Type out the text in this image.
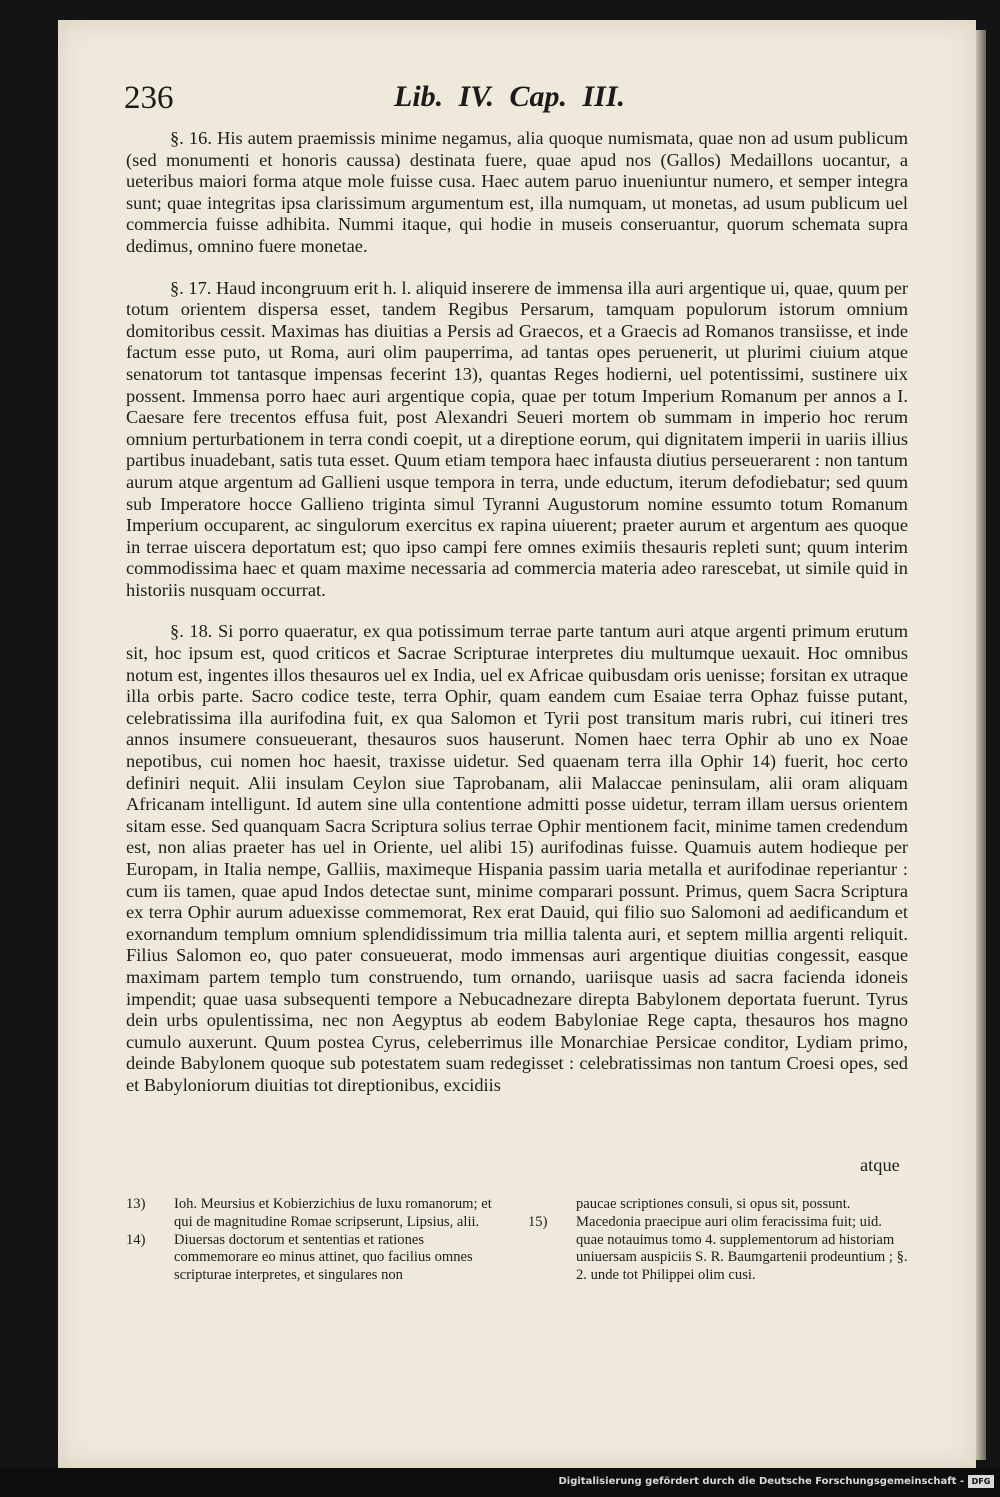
236	Lib. IV. Cap. III.

§. 16. His autem praemissis minime negamus, alia quoque numismata, quae non ad usum publicum (sed monumenti et honoris caussa) destinata fuere, quae apud nos (Gallos) Medaillons uocantur, a ueteribus maiori forma atque mole fuisse cusa. Haec autem paruo inueniuntur numero, et semper integra sunt; quae integritas ipsa clarissimum argumentum est, illa numquam, ut monetas, ad usum publicum uel commercia fuisse adhibita. Nummi itaque, qui hodie in museis conseruantur, quorum schemata supra dedimus, omnino fuere monetae.

§. 17. Haud incongruum erit h. l. aliquid inserere de immensa illa auri argentique ui, quae, quum per totum orientem dispersa esset, tandem Regibus Persarum, tamquam populorum istorum omnium domitoribus cessit. Maximas has diuitias a Persis ad Graecos, et a Graecis ad Romanos transiisse, et inde factum esse puto, ut Roma, auri olim pauperrima, ad tantas opes peruenerit, ut plurimi ciuium atque senatorum tot tantasque impensas fecerint 13), quantas Reges hodierni, uel potentissimi, sustinere uix possent. Immensa porro haec auri argentique copia, quae per totum Imperium Romanum per annos a I. Caesare fere trecentos effusa fuit, post Alexandri Seueri mortem ob summam in imperio hoc rerum omnium perturbationem in terra condi coepit, ut a direptione eorum, qui dignitatem imperii in uariis illius partibus inuadebant, satis tuta esset. Quum etiam tempora haec infausta diutius perseuerarent : non tantum aurum atque argentum ad Gallieni usque tempora in terra, unde eductum, iterum defodiebatur; sed quum sub Imperatore hocce Gallieno triginta simul Tyranni Augustorum nomine essumto totum Romanum Imperium occuparent, ac singulorum exercitus ex rapina uiuerent; praeter aurum et argentum aes quoque in terrae uiscera deportatum est; quo ipso campi fere omnes eximiis thesauris repleti sunt; quum interim commodissima haec et quam maxime necessaria ad commercia materia adeo rarescebat, ut simile quid in historiis nusquam occurrat.

§. 18. Si porro quaeratur, ex qua potissimum terrae parte tantum auri atque argenti primum erutum sit, hoc ipsum est, quod criticos et Sacrae Scripturae interpretes diu multumque uexauit. Hoc omnibus notum est, ingentes illos thesauros uel ex India, uel ex Africae quibusdam oris uenisse; forsitan ex utraque illa orbis parte. Sacro codice teste, terra Ophir, quam eandem cum Esaiae terra Ophaz fuisse putant, celebratissima illa aurifodina fuit, ex qua Salomon et Tyrii post transitum maris rubri, cui itineri tres annos insumere consueuerant, thesauros suos hauserunt. Nomen haec terra Ophir ab uno ex Noae nepotibus, cui nomen hoc haesit, traxisse uidetur. Sed quaenam terra illa Ophir 14) fuerit, hoc certo definiri nequit. Alii insulam Ceylon siue Taprobanam, alii Malaccae peninsulam, alii oram aliquam Africanam intelligunt. Id autem sine ulla contentione admitti posse uidetur, terram illam uersus orientem sitam esse. Sed quanquam Sacra Scriptura solius terrae Ophir mentionem facit, minime tamen credendum est, non alias praeter has uel in Oriente, uel alibi 15) aurifodinas fuisse. Quamuis autem hodieque per Europam, in Italia nempe, Galliis, maximeque Hispania passim uaria metalla et aurifodinae reperiantur : cum iis tamen, quae apud Indos detectae sunt, minime comparari possunt. Primus, quem Sacra Scriptura ex terra Ophir aurum aduexisse commemorat, Rex erat Dauid, qui filio suo Salomoni ad aedificandum et exornandum templum omnium splendidissimum tria millia talenta auri, et septem millia argenti reliquit. Filius Salomon eo, quo pater consueuerat, modo immensas auri argentique diuitias congessit, easque maximam partem templo tum construendo, tum ornando, uariisque uasis ad sacra facienda idoneis impendit; quae uasa subsequenti tempore a Nebucadnezare direpta Babylonem deportata fuerunt. Tyrus dein urbs opulentissima, nec non Aegyptus ab eodem Babyloniae Rege capta, thesauros hos magno cumulo auxerunt. Quum postea Cyrus, celeberrimus ille Monarchiae Persicae conditor, Lydiam primo, deinde Babylonem quoque sub potestatem suam redegisset : celebratissimas non tantum Croesi opes, sed et Babyloniorum diuitias tot direptionibus, excidiis

atque

13) Ioh. Meursius et Kobierzichius de luxu romanorum; et qui de magnitudine Romae scripserunt, Lipsius, alii.

14) Diuersas doctorum et sententias et rationes commemorare eo minus attinet, quo facilius omnes scripturae interpretes, et singulares non

paucae scriptiones consuli, si opus sit, possunt.

15) Macedonia praecipue auri olim feracissima fuit; uid. quae notauimus tomo 4. supplementorum ad historiam uniuersam auspiciis S. R. Baumgartenii prodeuntium ; §. 2. unde tot Philippei olim cusi.

Digitalisierung gefördert durch die Deutsche Forschungsgemeinschaft - DFG
